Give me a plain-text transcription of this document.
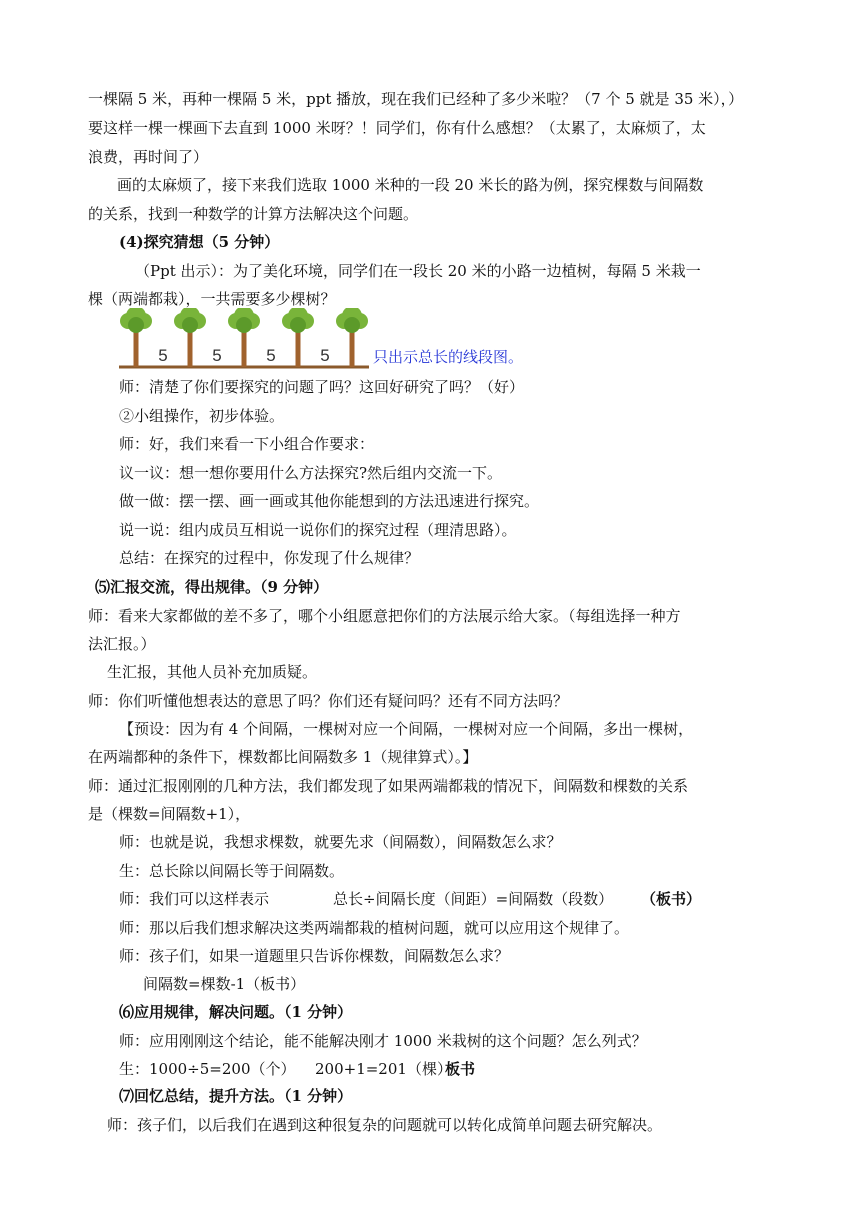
一棵隔 5 米，再种一棵隔 5 米，ppt 播放，现在我们已经种了多少米啦？（7 个 5 就是 35 米），）
要这样一棵一棵画下去直到 1000 米呀？！同学们，你有什么感想？（太累了，太麻烦了，太
浪费，再时间了）
画的太麻烦了，接下来我们选取 1000 米种的一段 20 米长的路为例，探究棵数与间隔数
的关系，找到一种数学的计算方法解决这个问题。
(4)探究猜想（5 分钟）
（Ppt 出示）：为了美化环境，同学们在一段长 20 米的小路一边植树，每隔 5 米栽一
棵（两端都栽），一共需要多少棵树？
5	5	5	5	只出示总长的线段图。
师：清楚了你们要探究的问题了吗？这回好研究了吗？（好）
②小组操作，初步体验。
师：好，我们来看一下小组合作要求：
议一议：想一想你要用什么方法探究?然后组内交流一下。
做一做：摆一摆、画一画或其他你能想到的方法迅速进行探究。
说一说：组内成员互相说一说你们的探究过程（理清思路）。
总结：在探究的过程中，你发现了什么规律？
⑸汇报交流，得出规律。（9 分钟）
师：看来大家都做的差不多了，哪个小组愿意把你们的方法展示给大家。（每组选择一种方
法汇报。）
生汇报，其他人员补充加质疑。
师：你们听懂他想表达的意思了吗？你们还有疑问吗？还有不同方法吗？
【预设：因为有 4 个间隔，一棵树对应一个间隔，一棵树对应一个间隔，多出一棵树，
在两端都种的条件下，棵数都比间隔数多 1（规律算式）。】
师：通过汇报刚刚的几种方法，我们都发现了如果两端都栽的情况下，间隔数和棵数的关系
是（棵数=间隔数+1），
师：也就是说，我想求棵数，就要先求（间隔数），间隔数怎么求？
生：总长除以间隔长等于间隔数。
师：我们可以这样表示	总长÷间隔长度（间距）=间隔数（段数） （板书）
师：那以后我们想求解决这类两端都栽的植树问题，就可以应用这个规律了。
师：孩子们，如果一道题里只告诉你棵数，间隔数怎么求？
间隔数=棵数-1（板书）
⑹应用规律，解决问题。（1 分钟）
师：应用刚刚这个结论，能不能解决刚才 1000 米栽树的这个问题？怎么列式？
生：1000÷5=200（个） 200+1=201（棵）
板书
⑺回忆总结，提升方法。（1 分钟）
师：孩子们，以后我们在遇到这种很复杂的问题就可以转化成简单问题去研究解决。
